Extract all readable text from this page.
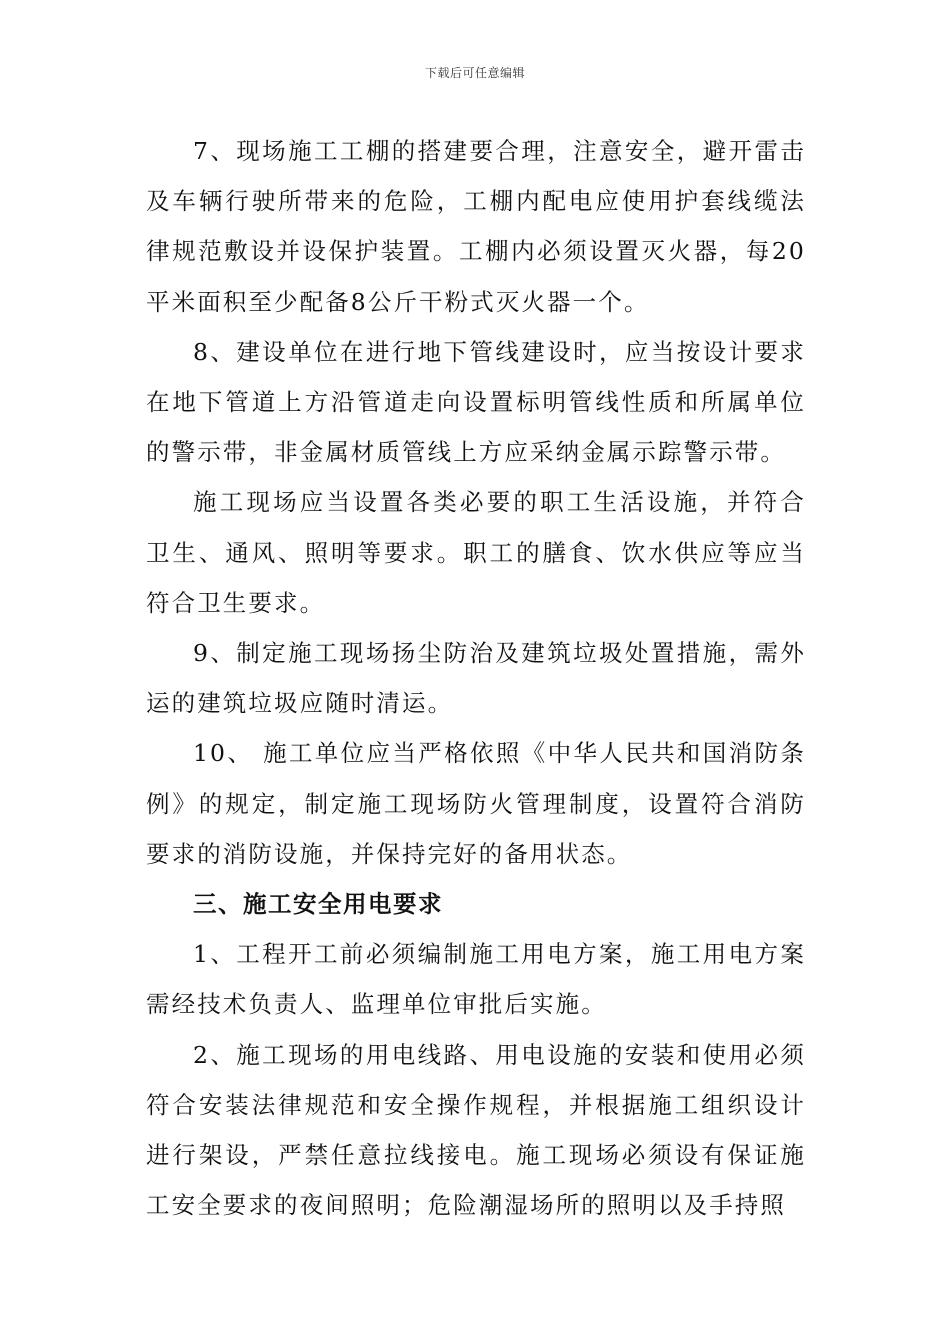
下载后可任意编辑

7、现场施工工棚的搭建要合理，注意安全，避开雷击及车辆行驶所带来的危险，工棚内配电应使用护套线缆法律规范敷设并设保护装置。工棚内必须设置灭火器，每20平米面积至少配备8公斤干粉式灭火器一个。

8、建设单位在进行地下管线建设时，应当按设计要求在地下管道上方沿管道走向设置标明管线性质和所属单位的警示带，非金属材质管线上方应采纳金属示踪警示带。

施工现场应当设置各类必要的职工生活设施，并符合卫生、通风、照明等要求。职工的膳食、饮水供应等应当符合卫生要求。

9、制定施工现场扬尘防治及建筑垃圾处置措施，需外运的建筑垃圾应随时清运。

10、 施工单位应当严格依照《中华人民共和国消防条例》的规定，制定施工现场防火管理制度，设置符合消防要求的消防设施，并保持完好的备用状态。

三、施工安全用电要求

1、工程开工前必须编制施工用电方案，施工用电方案需经技术负责人、监理单位审批后实施。

2、施工现场的用电线路、用电设施的安装和使用必须符合安装法律规范和安全操作规程，并根据施工组织设计进行架设，严禁任意拉线接电。施工现场必须设有保证施工安全要求的夜间照明；危险潮湿场所的照明以及手持照
